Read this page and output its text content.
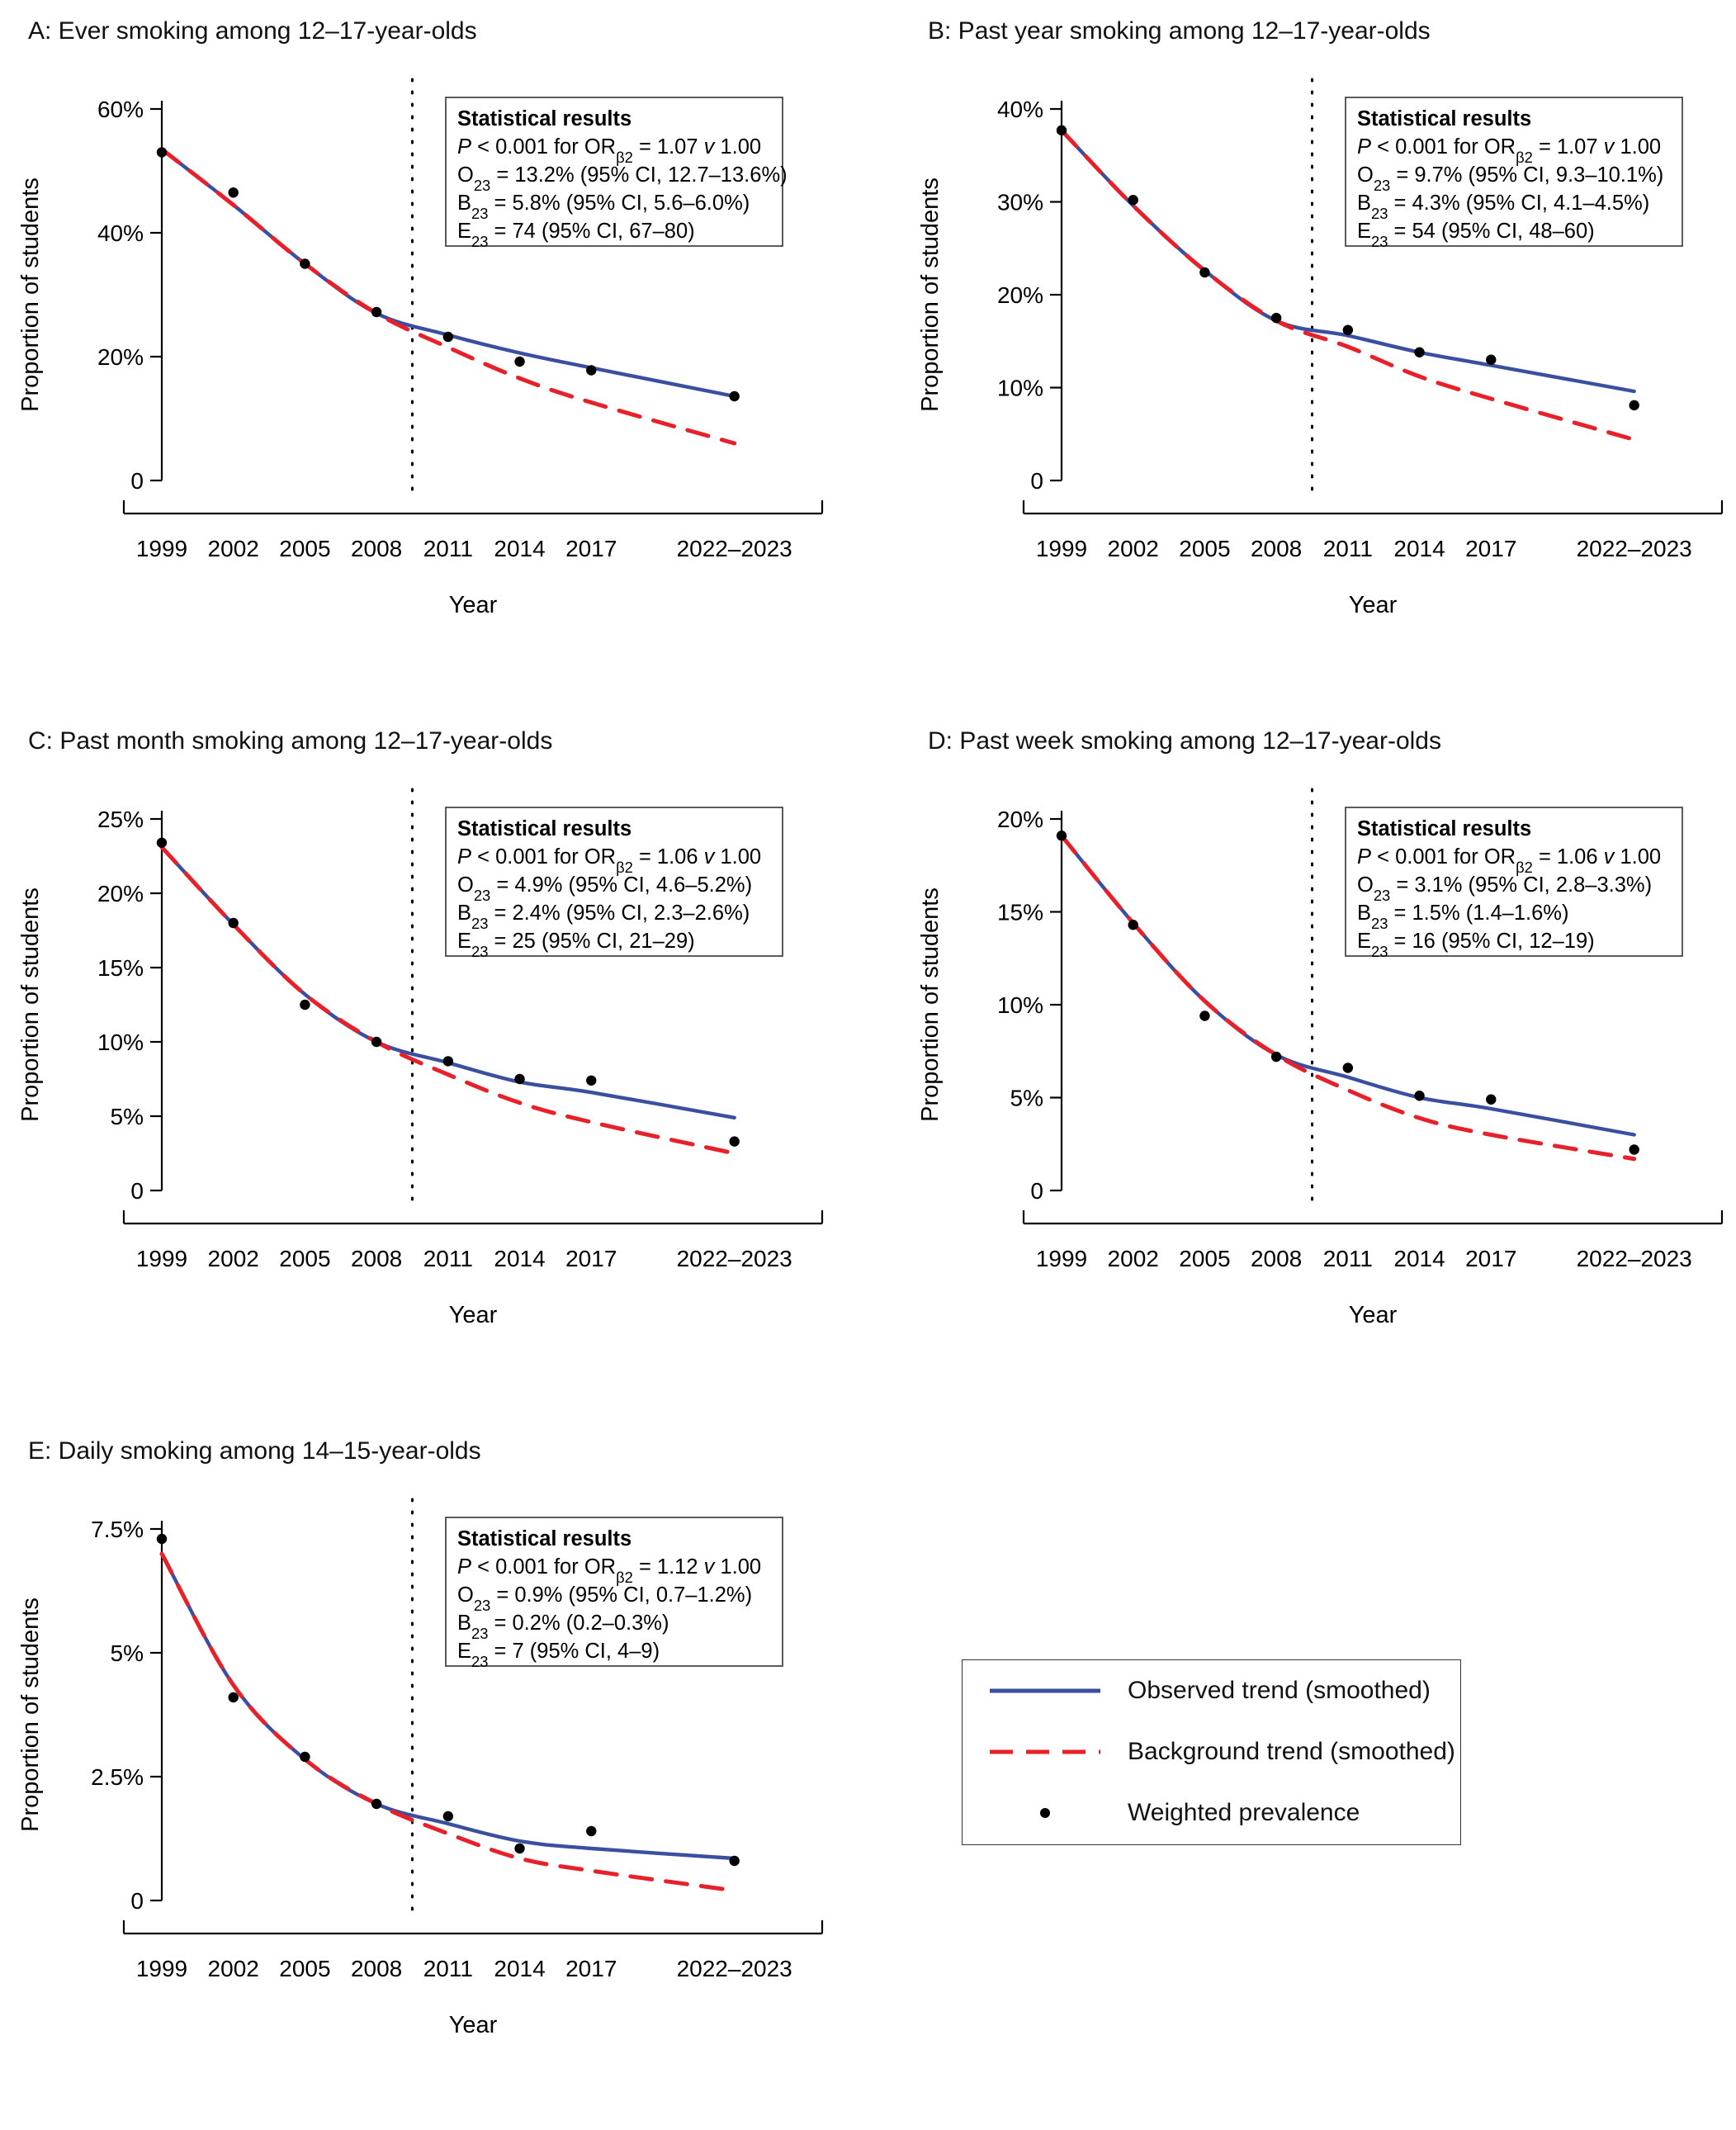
A: Ever smoking among 12–17-year-olds
0
20%
40%
60%
1999 2002 2005 2008 2011 2014 2017	2022–2023
Year
Proportion of students
Statistical results
P < 0.001 for $OR_{\beta 2} = 1.07$ v 1.00
$O_{23} = 13.2\%$ (95% CI, 12.7–13.6%)
$B_{23} = 5.8\%$ (95% CI, 5.6–6.0%)
$E_{23} = 74$ (95% CI, 67–80)
B: Past year smoking among 12–17-year-olds
0
10%
20%
30%
40%
1999 2002 2005 2008 2011 2014 2017	2022–2023
Year
Proportion of students
Statistical results
P < 0.001 for $OR_{\beta 2} = 1.07$ v 1.00
$O_{23} = 9.7\%$ (95% CI, 9.3–10.1%)
$B_{23} = 4.3\%$ (95% CI, 4.1–4.5%)
$E_{23} = 54$ (95% CI, 48–60)
C: Past month smoking among 12–17-year-olds
0
5%
10%
15%
20%
25%
1999 2002 2005 2008 2011 2014 2017	2022–2023
Year
Proportion of students
Statistical results
P < 0.001 for $OR_{\beta 2} = 1.06$ v 1.00
$O_{23} = 4.9\%$ (95% CI, 4.6–5.2%)
$B_{23} = 2.4\%$ (95% CI, 2.3–2.6%)
$E_{23} = 25$ (95% CI, 21–29)
D: Past week smoking among 12–17-year-olds
0
5%
10%
15%
20%
1999 2002 2005 2008 2011 2014 2017	2022–2023
Year
Proportion of students
Statistical results
P < 0.001 for $OR_{\beta 2} = 1.06$ v 1.00
$O_{23} = 3.1\%$ (95% CI, 2.8–3.3%)
$B_{23} = 1.5\%$ (1.4–1.6%)
$E_{23} = 16$ (95% CI, 12–19)
E: Daily smoking among 14–15-year-olds
0
2.5%
5%
7.5%
1999 2002 2005 2008 2011 2014 2017	2022–2023
Year
Proportion of students
Statistical results
P < 0.001 for $OR_{\beta 2} = 1.12$ v 1.00
$O_{23} = 0.9\%$ (95% CI, 0.7–1.2%)
$B_{23} = 0.2\%$ (0.2–0.3%)
$E_{23} = 7$ (95% CI, 4–9)
Observed trend (smoothed)
Background trend (smoothed)
Weighted prevalence
